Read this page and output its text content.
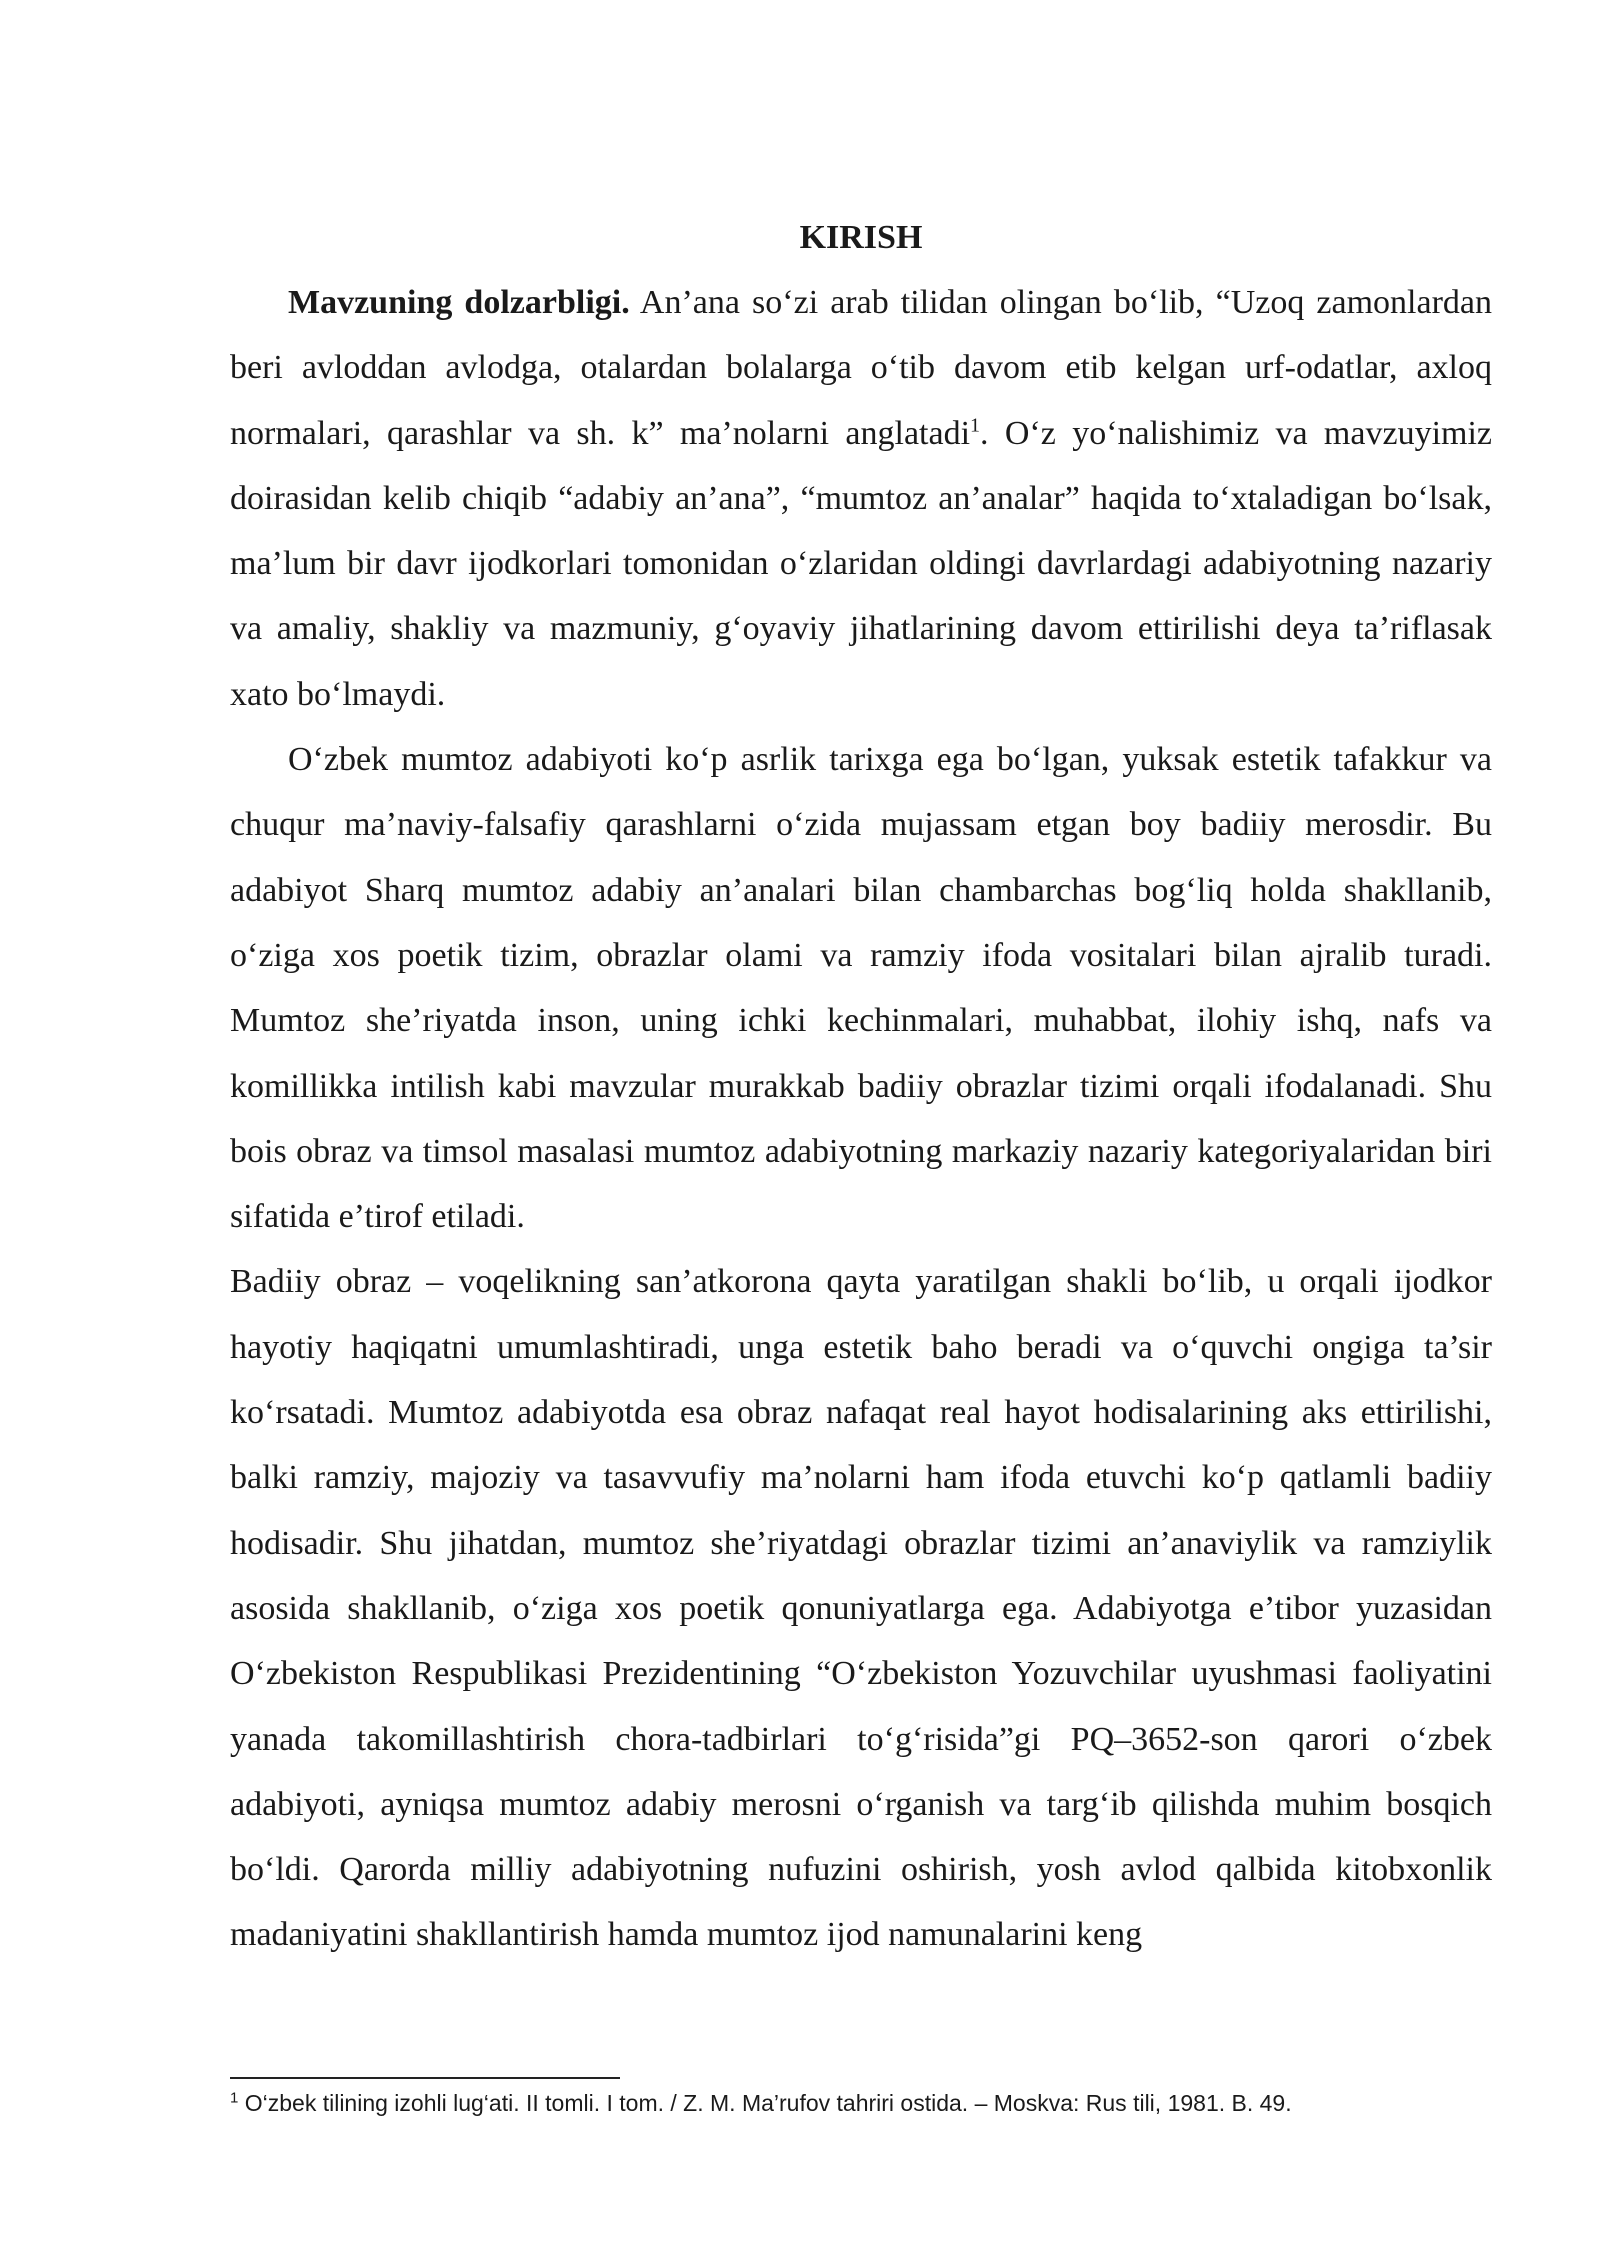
KIRISH

Mavzuning dolzarbligi. An’ana so‘zi arab tilidan olingan bo‘lib, “Uzoq zamonlardan beri avloddan avlodga, otalardan bolalarga o‘tib davom etib kelgan urf-odatlar, axloq normalari, qarashlar va sh. k” ma’nolarni anglatadi$^1$. O‘z yo‘nalishimiz va mavzuyimiz doirasidan kelib chiqib “adabiy an’ana”, “mumtoz an’analar” haqida to‘xtaladigan bo‘lsak, ma’lum bir davr ijodkorlari tomonidan o‘zlaridan oldingi davrlardagi adabiyotning nazariy va amaliy, shakliy va mazmuniy, g‘oyaviy jihatlarining davom ettirilishi deya ta’riflasak xato bo‘lmaydi.

O‘zbek mumtoz adabiyoti ko‘p asrlik tarixga ega bo‘lgan, yuksak estetik tafakkur va chuqur ma’naviy-falsafiy qarashlarni o‘zida mujassam etgan boy badiiy merosdir. Bu adabiyot Sharq mumtoz adabiy an’analari bilan chambarchas bog‘liq holda shakllanib, o‘ziga xos poetik tizim, obrazlar olami va ramziy ifoda vositalari bilan ajralib turadi. Mumtoz she’riyatda inson, uning ichki kechinmalari, muhabbat, ilohiy ishq, nafs va komillikka intilish kabi mavzular murakkab badiiy obrazlar tizimi orqali ifodalanadi. Shu bois obraz va timsol masalasi mumtoz adabiyotning markaziy nazariy kategoriyalaridan biri sifatida e’tirof etiladi.

Badiiy obraz – voqelikning san’atkorona qayta yaratilgan shakli bo‘lib, u orqali ijodkor hayotiy haqiqatni umumlashtiradi, unga estetik baho beradi va o‘quvchi ongiga ta’sir ko‘rsatadi. Mumtoz adabiyotda esa obraz nafaqat real hayot hodisalarining aks ettirilishi, balki ramziy, majoziy va tasavvufiy ma’nolarni ham ifoda etuvchi ko‘p qatlamli badiiy hodisadir. Shu jihatdan, mumtoz she’riyatdagi obrazlar tizimi an’anaviylik va ramziylik asosida shakllanib, o‘ziga xos poetik qonuniyatlarga ega. Adabiyotga e’tibor yuzasidan O‘zbekiston Respublikasi Prezidentining “O‘zbekiston Yozuvchilar uyushmasi faoliyatini yanada takomillashtirish chora-tadbirlari to‘g‘risida”gi PQ–3652-son qarori o‘zbek adabiyoti, ayniqsa mumtoz adabiy merosni o‘rganish va targ‘ib qilishda muhim bosqich bo‘ldi. Qarorda milliy adabiyotning nufuzini oshirish, yosh avlod qalbida kitobxonlik madaniyatini shakllantirish hamda mumtoz ijod namunalarini keng

$^1$ O‘zbek tilining izohli lug‘ati. II tomli. I tom. / Z. M. Ma’rufov tahriri ostida. – Moskva: Rus tili, 1981. B. 49.
